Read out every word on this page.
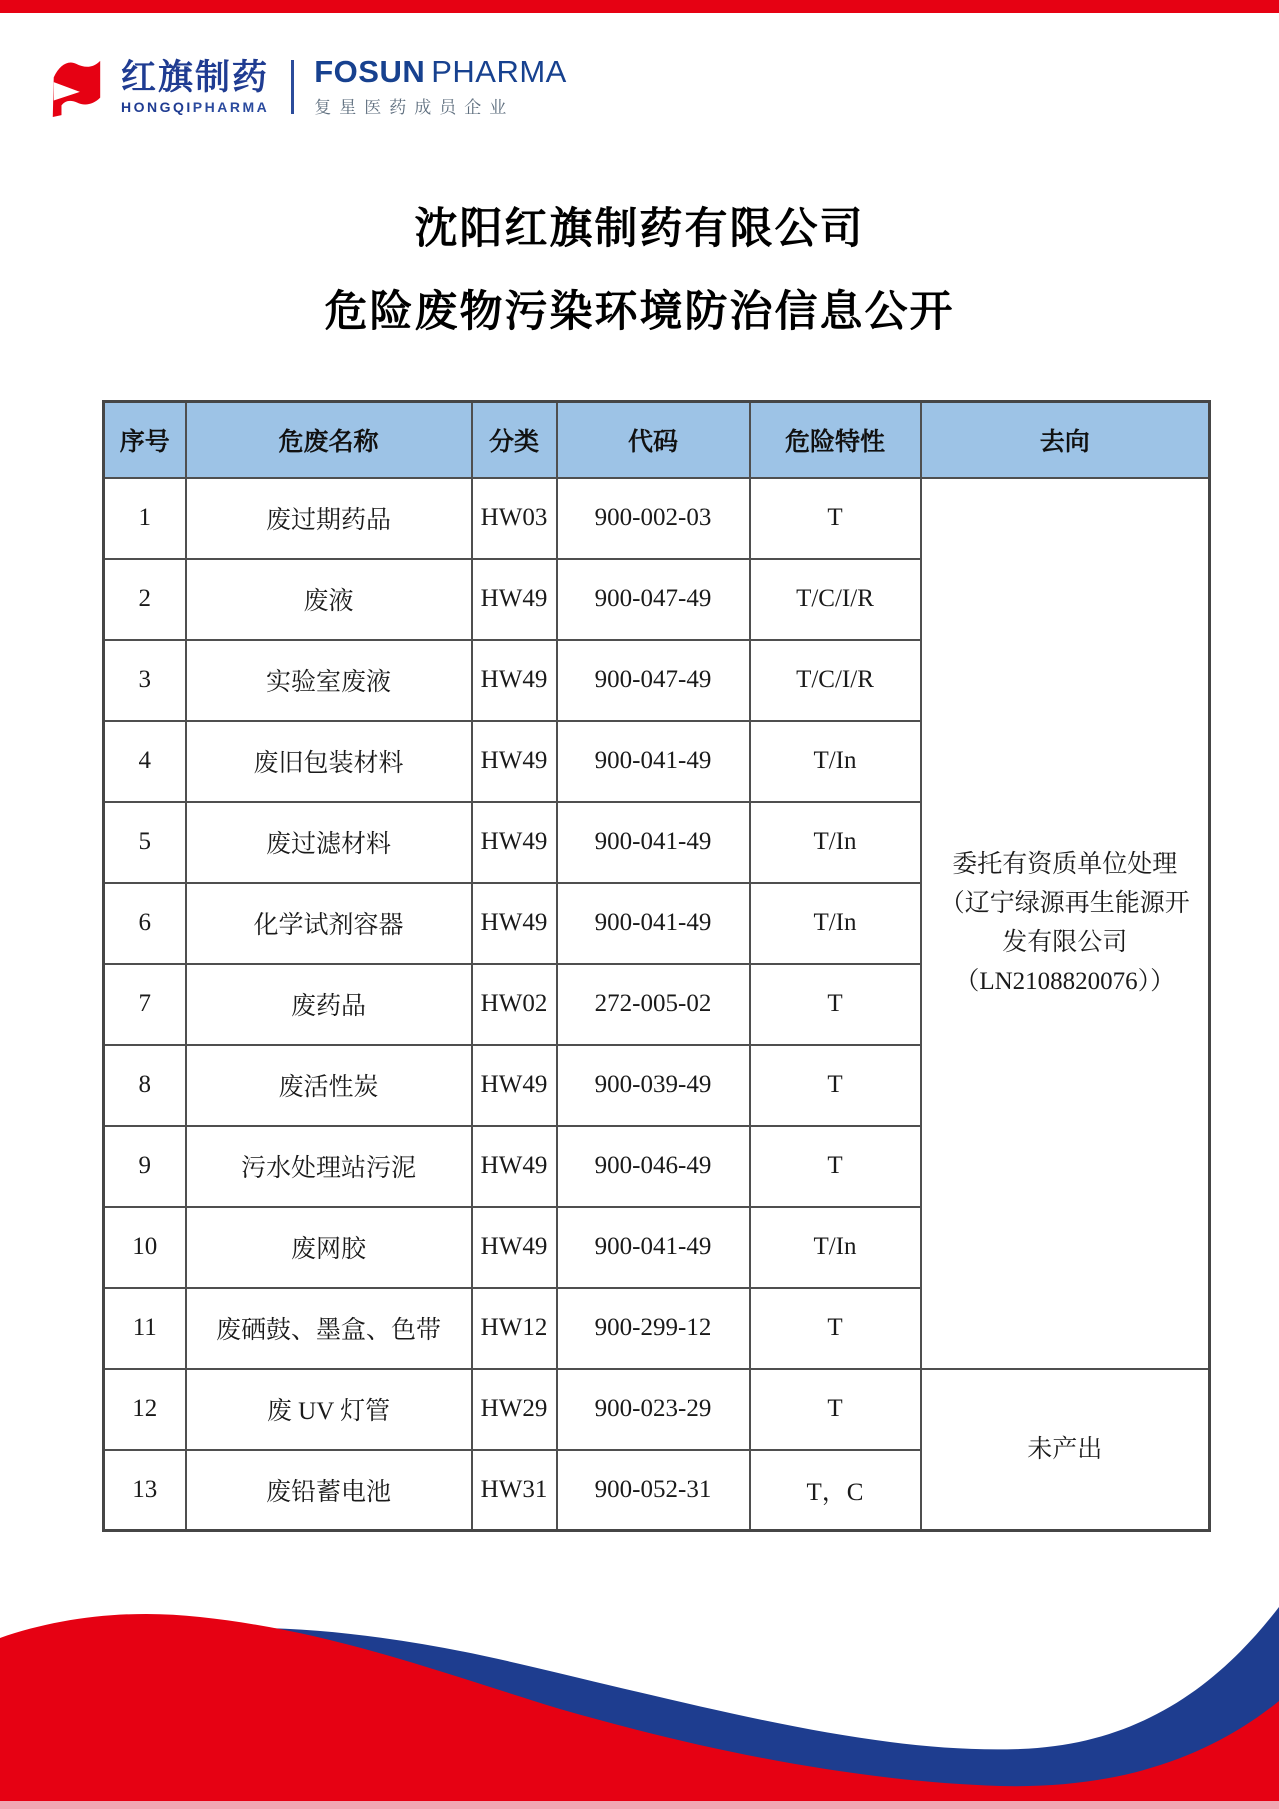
红旗制药
HONGQIPHARMA
FOSUN PHARMA
复星医药成员企业
沈阳红旗制药有限公司
危险废物污染环境防治信息公开
序号	危废名称	分类	代码	危险特性	去向
1	废过期药品	HW03	900-002-03	T	委托有资质单位处理
（辽宁绿源再生能源开
发有限公司
（LN2108820076））

2	废液	HW49	900-047-49	T/C/I/R	
3	实验室废液	HW49	900-047-49	T/C/I/R	
4	废旧包装材料	HW49	900-041-49	T/In	
5	废过滤材料	HW49	900-041-49	T/In	
6	化学试剂容器	HW49	900-041-49	T/In	
7	废药品	HW02	272-005-02	T	
8	废活性炭	HW49	900-039-49	T	
9	污水处理站污泥	HW49	900-046-49	T	
10	废网胶	HW49	900-041-49	T/In	
11	废硒鼓、墨盒、色带	HW12	900-299-12	T	
12	废 UV 灯管	HW29	900-023-29	T	未产出
13	废铅蓄电池	HW31	900-052-31	T，C	
